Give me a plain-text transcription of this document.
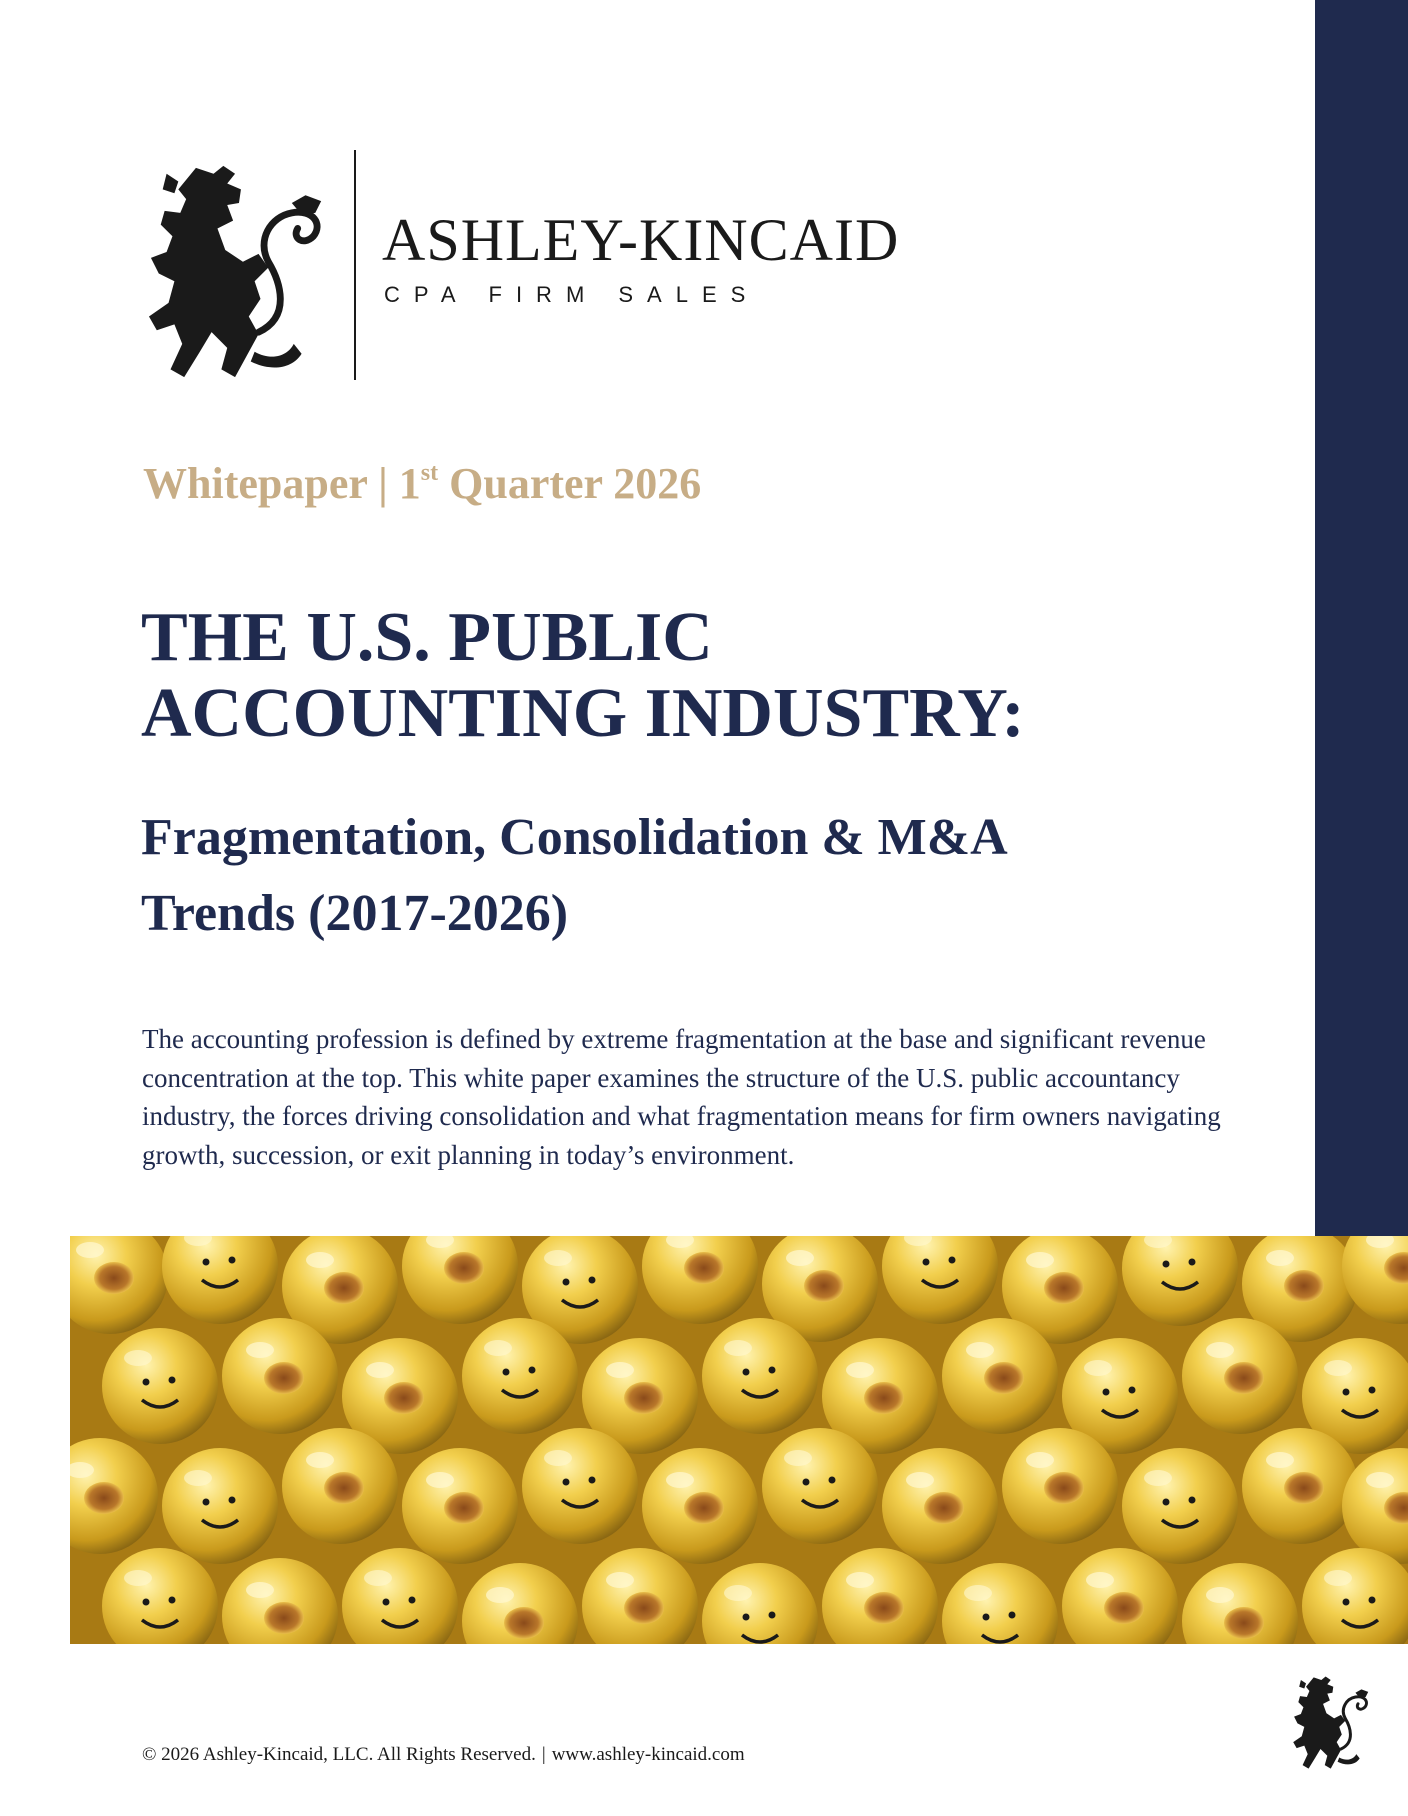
ASHLEY-KINCAID
CPA FIRM SALES
Whitepaper | 1st Quarter 2026
THE U.S. PUBLIC
ACCOUNTING INDUSTRY:
Fragmentation, Consolidation & M&A
Trends (2017-2026)

The accounting profession is defined by extreme fragmentation at the base and significant revenue concentration at the top. This white paper examines the structure of the U.S. public accountancy industry, the forces driving consolidation and what fragmentation means for firm owners navigating growth, succession, or exit planning in today’s environment.

© 2026 Ashley-Kincaid, LLC. All Rights Reserved. | www.ashley-kincaid.com
